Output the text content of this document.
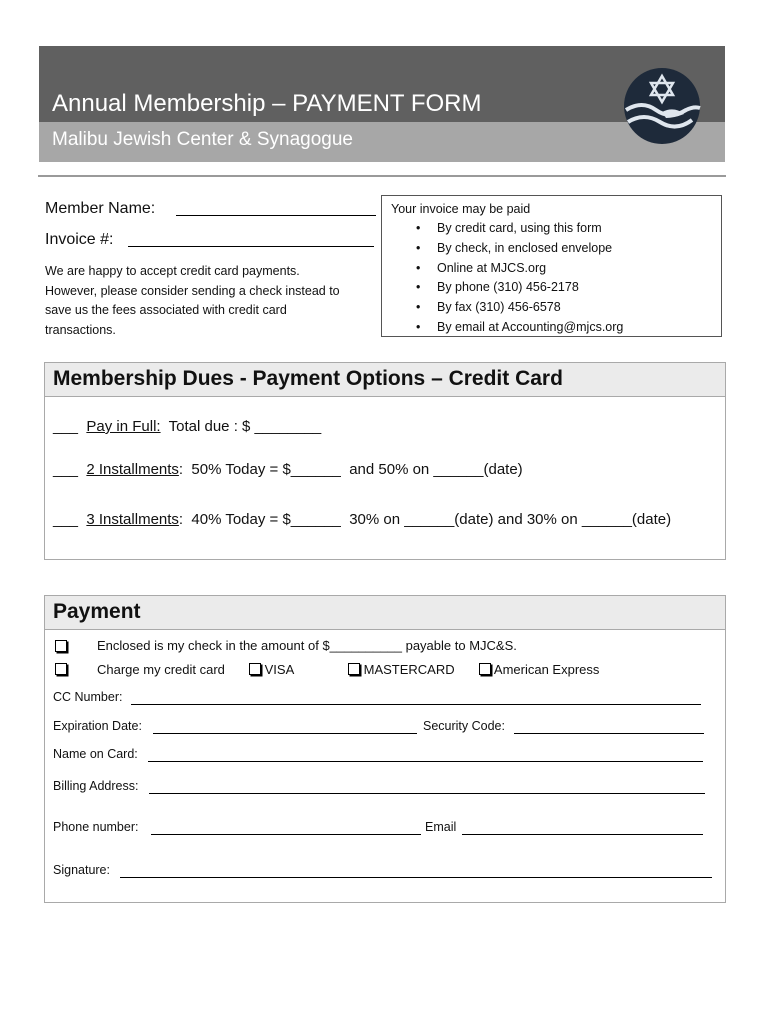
Annual Membership – PAYMENT FORM
Malibu Jewish Center & Synagogue
Member Name:
Invoice #:
We are happy to accept credit card payments.
However, please consider sending a check instead to
save us the fees associated with credit card
transactions.
Your invoice may be paid
• By credit card, using this form
• By check, in enclosed envelope
• Online at MJCS.org
• By phone (310) 456-2178
• By fax (310) 456-6578
• By email at Accounting@mjcs.org
Membership Dues - Payment Options – Credit Card
___ Pay in Full:  Total due : $ ________
___ 2 Installments:  50% Today = $______  and 50% on ______(date)
___ 3 Installments:  40% Today = $______  30% on ______(date) and 30% on ______(date)
Payment
Enclosed is my check in the amount of $__________ payable to MJC&S.
Charge my credit card	VISA	MASTERCARD	American Express
CC Number:
Expiration Date:	Security Code:
Name on Card:
Billing Address:
Phone number:	Email
Signature:
